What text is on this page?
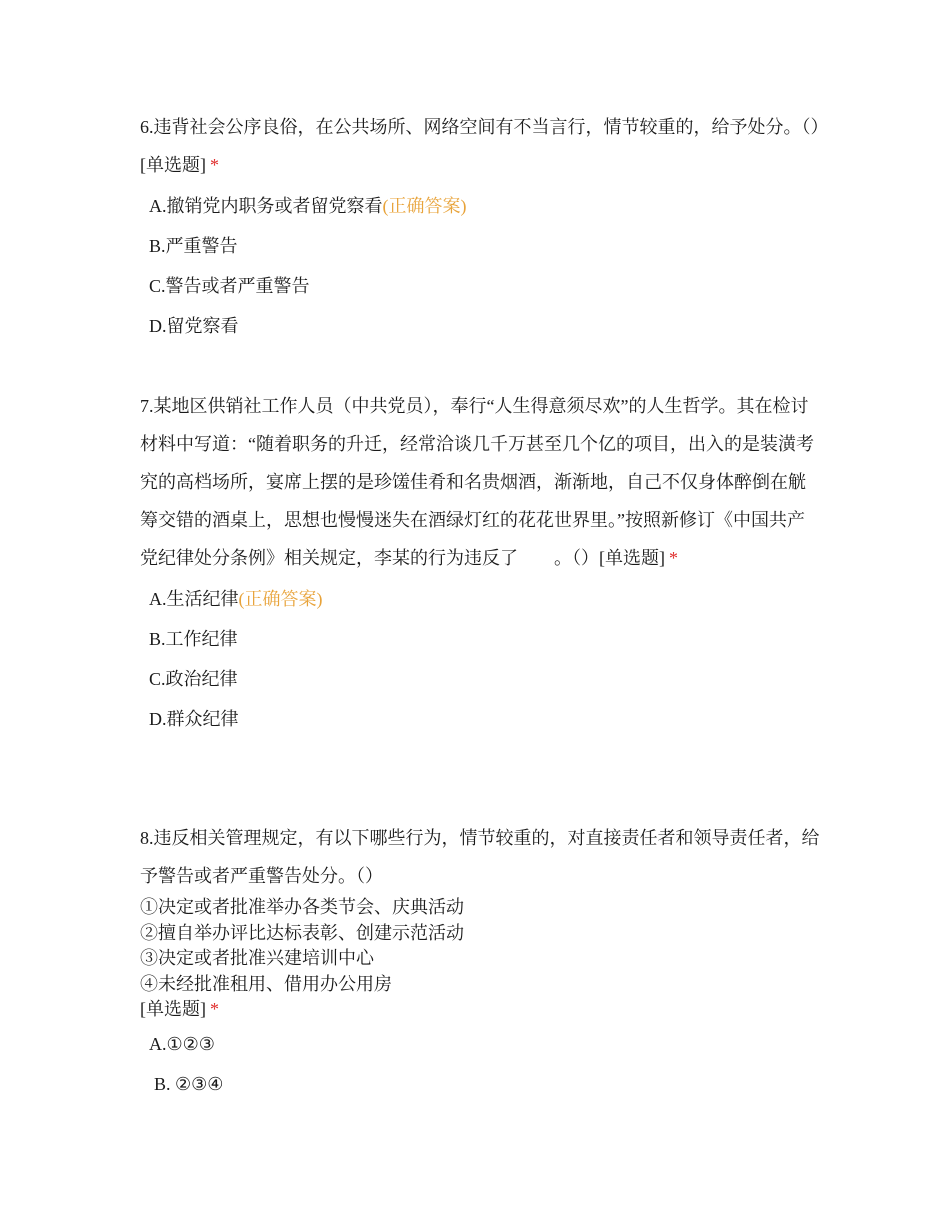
6.违背社会公序良俗，在公共场所、网络空间有不当言行，情节较重的，给予处分。（）[单选题] *

A.撤销党内职务或者留党察看(正确答案)
B.严重警告
C.警告或者严重警告
D.留党察看

7.某地区供销社工作人员（中共党员），奉行“人生得意须尽欢”的人生哲学。其在检讨材料中写道：“随着职务的升迁，经常洽谈几千万甚至几个亿的项目，出入的是装潢考究的高档场所，宴席上摆的是珍馐佳肴和名贵烟酒，渐渐地，自己不仅身体醉倒在觥筹交错的酒桌上，思想也慢慢迷失在酒绿灯红的花花世界里。”按照新修订《中国共产党纪律处分条例》相关规定，李某的行为违反了　　。（）[单选题] *

A.生活纪律(正确答案)
B.工作纪律
C.政治纪律
D.群众纪律

8.违反相关管理规定，有以下哪些行为，情节较重的，对直接责任者和领导责任者，给予警告或者严重警告处分。（）

①决定或者批准举办各类节会、庆典活动
②擅自举办评比达标表彰、创建示范活动
③决定或者批准兴建培训中心
④未经批准租用、借用办公用房
[单选题] *
A.①②③
B. ②③④
